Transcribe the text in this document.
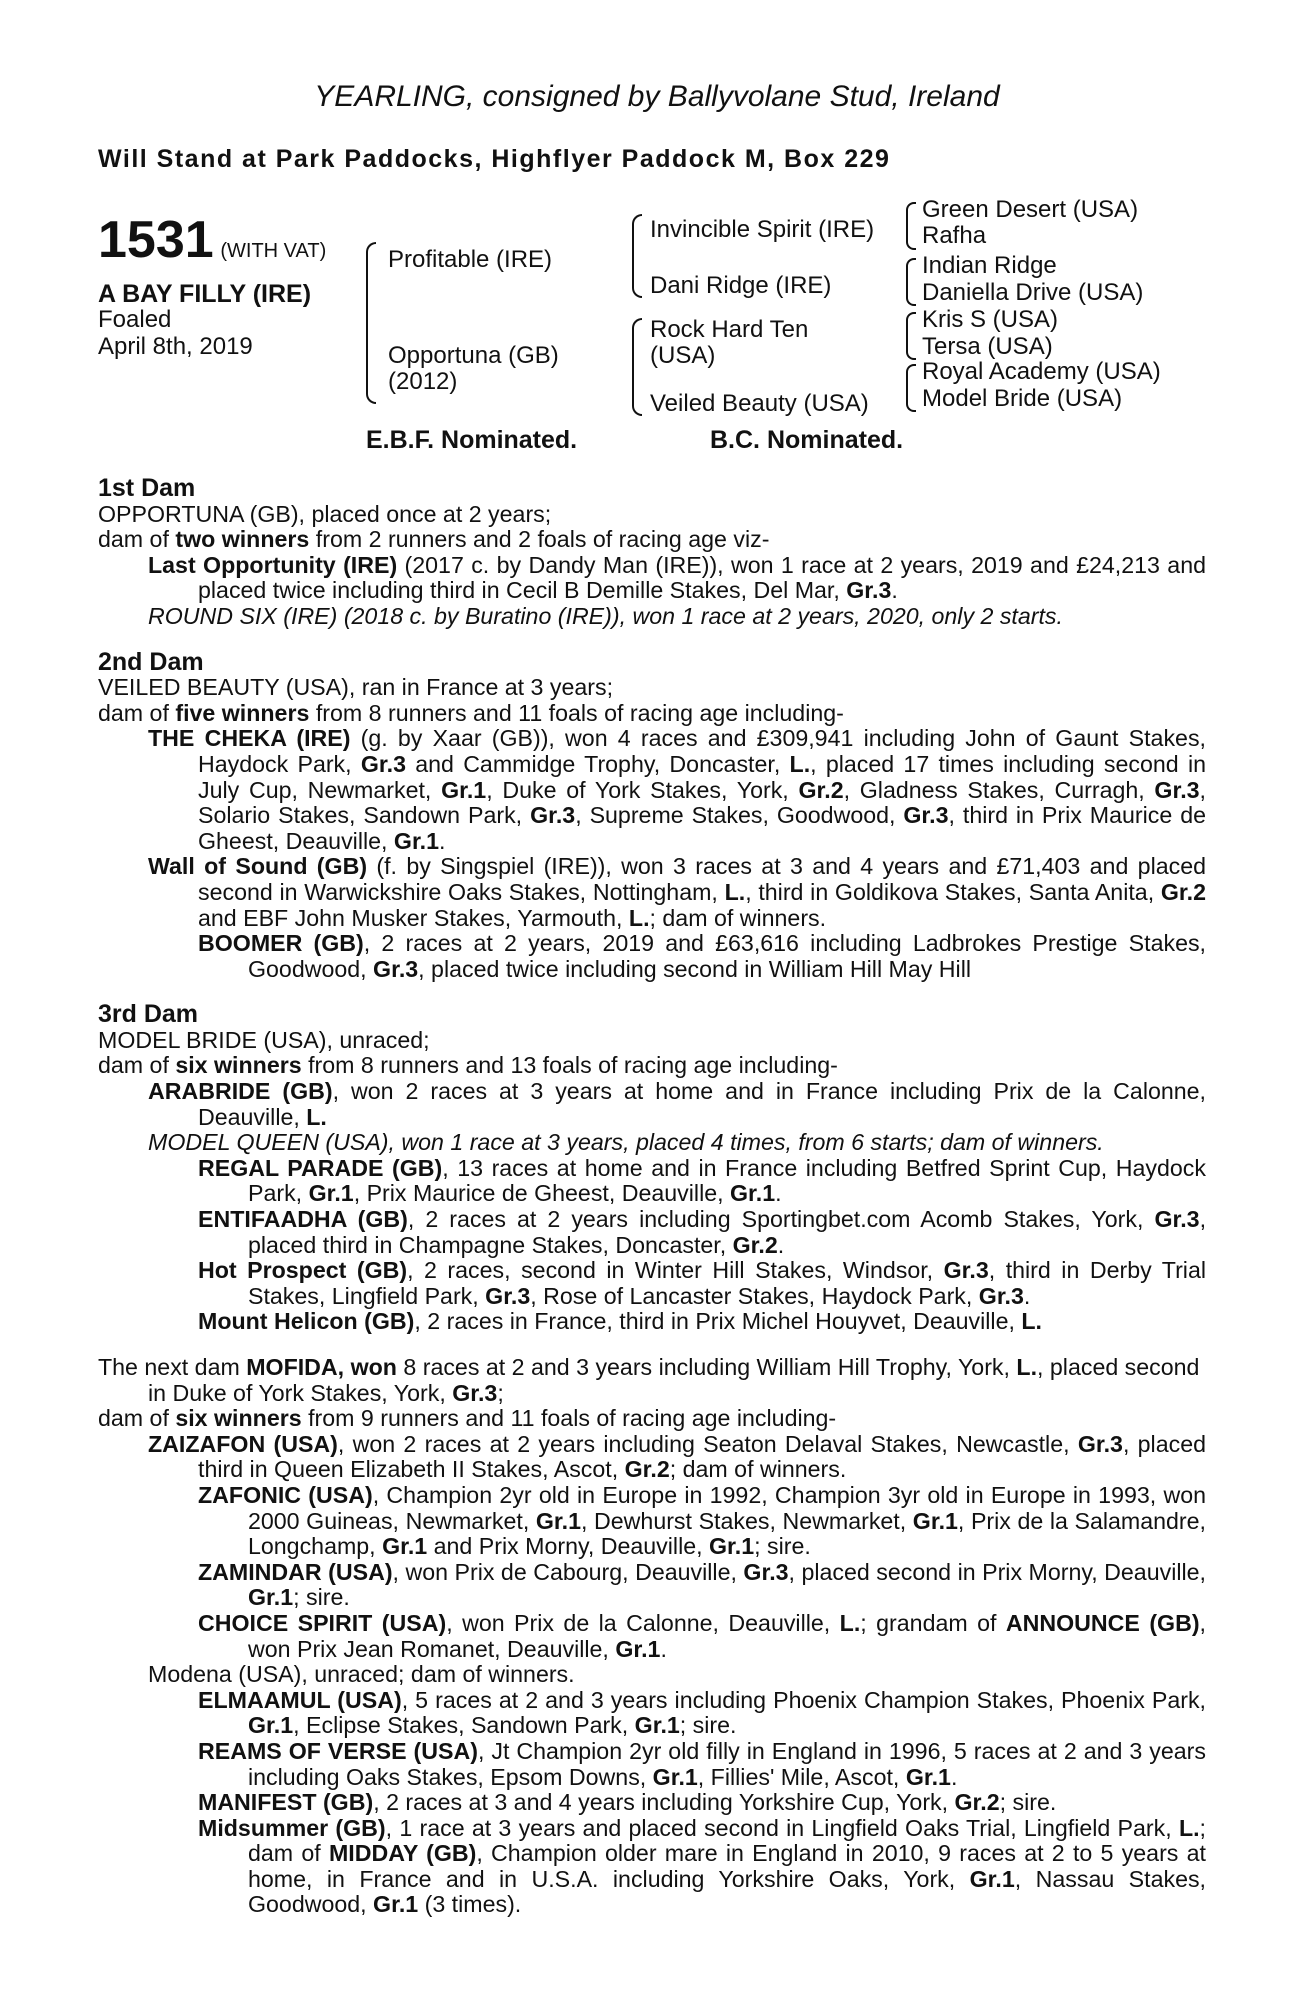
YEARLING, consigned by Ballyvolane Stud, Ireland
Will Stand at Park Paddocks, Highflyer Paddock M, Box 229
1531 (WITH VAT)
A BAY FILLY (IRE)
Foaled
April 8th, 2019
Profitable (IRE)
Opportuna (GB)
(2012)
Invincible Spirit (IRE)
Dani Ridge (IRE)
Rock Hard Ten
(USA)
Veiled Beauty (USA)
Green Desert (USA)
Rafha
Indian Ridge
Daniella Drive (USA)
Kris S (USA)
Tersa (USA)
Royal Academy (USA)
Model Bride (USA)
E.B.F. Nominated.	B.C. Nominated.
1st Dam
OPPORTUNA (GB), placed once at 2 years;
dam of two winners from 2 runners and 2 foals of racing age viz-
Last Opportunity (IRE) (2017 c. by Dandy Man (IRE)), won 1 race at 2 years, 2019 and £24,213 and placed twice including third in Cecil B Demille Stakes, Del Mar, Gr.3.
ROUND SIX (IRE) (2018 c. by Buratino (IRE)), won 1 race at 2 years, 2020, only 2 starts.
2nd Dam
VEILED BEAUTY (USA), ran in France at 3 years;
dam of five winners from 8 runners and 11 foals of racing age including-
THE CHEKA (IRE) (g. by Xaar (GB)), won 4 races and £309,941 including John of Gaunt Stakes, Haydock Park, Gr.3 and Cammidge Trophy, Doncaster, L., placed 17 times including second in July Cup, Newmarket, Gr.1, Duke of York Stakes, York, Gr.2, Gladness Stakes, Curragh, Gr.3, Solario Stakes, Sandown Park, Gr.3, Supreme Stakes, Goodwood, Gr.3, third in Prix Maurice de Gheest, Deauville, Gr.1.
Wall of Sound (GB) (f. by Singspiel (IRE)), won 3 races at 3 and 4 years and £71,403 and placed second in Warwickshire Oaks Stakes, Nottingham, L., third in Goldikova Stakes, Santa Anita, Gr.2 and EBF John Musker Stakes, Yarmouth, L.; dam of winners.
BOOMER (GB), 2 races at 2 years, 2019 and £63,616 including Ladbrokes Prestige Stakes, Goodwood, Gr.3, placed twice including second in William Hill May Hill
3rd Dam
MODEL BRIDE (USA), unraced;
dam of six winners from 8 runners and 13 foals of racing age including-
ARABRIDE (GB), won 2 races at 3 years at home and in France including Prix de la Calonne, Deauville, L.
MODEL QUEEN (USA), won 1 race at 3 years, placed 4 times, from 6 starts; dam of winners.
REGAL PARADE (GB), 13 races at home and in France including Betfred Sprint Cup, Haydock Park, Gr.1, Prix Maurice de Gheest, Deauville, Gr.1.
ENTIFAADHA (GB), 2 races at 2 years including Sportingbet.com Acomb Stakes, York, Gr.3, placed third in Champagne Stakes, Doncaster, Gr.2.
Hot Prospect (GB), 2 races, second in Winter Hill Stakes, Windsor, Gr.3, third in Derby Trial Stakes, Lingfield Park, Gr.3, Rose of Lancaster Stakes, Haydock Park, Gr.3.
Mount Helicon (GB), 2 races in France, third in Prix Michel Houyvet, Deauville, L.
The next dam MOFIDA, won 8 races at 2 and 3 years including William Hill Trophy, York, L., placed second in Duke of York Stakes, York, Gr.3;
dam of six winners from 9 runners and 11 foals of racing age including-
ZAIZAFON (USA), won 2 races at 2 years including Seaton Delaval Stakes, Newcastle, Gr.3, placed third in Queen Elizabeth II Stakes, Ascot, Gr.2; dam of winners.
ZAFONIC (USA), Champion 2yr old in Europe in 1992, Champion 3yr old in Europe in 1993, won 2000 Guineas, Newmarket, Gr.1, Dewhurst Stakes, Newmarket, Gr.1, Prix de la Salamandre, Longchamp, Gr.1 and Prix Morny, Deauville, Gr.1; sire.
ZAMINDAR (USA), won Prix de Cabourg, Deauville, Gr.3, placed second in Prix Morny, Deauville, Gr.1; sire.
CHOICE SPIRIT (USA), won Prix de la Calonne, Deauville, L.; grandam of ANNOUNCE (GB), won Prix Jean Romanet, Deauville, Gr.1.
Modena (USA), unraced; dam of winners.
ELMAAMUL (USA), 5 races at 2 and 3 years including Phoenix Champion Stakes, Phoenix Park, Gr.1, Eclipse Stakes, Sandown Park, Gr.1; sire.
REAMS OF VERSE (USA), Jt Champion 2yr old filly in England in 1996, 5 races at 2 and 3 years including Oaks Stakes, Epsom Downs, Gr.1, Fillies' Mile, Ascot, Gr.1.
MANIFEST (GB), 2 races at 3 and 4 years including Yorkshire Cup, York, Gr.2; sire.
Midsummer (GB), 1 race at 3 years and placed second in Lingfield Oaks Trial, Lingfield Park, L.; dam of MIDDAY (GB), Champion older mare in England in 2010, 9 races at 2 to 5 years at home, in France and in U.S.A. including Yorkshire Oaks, York, Gr.1, Nassau Stakes, Goodwood, Gr.1 (3 times).
